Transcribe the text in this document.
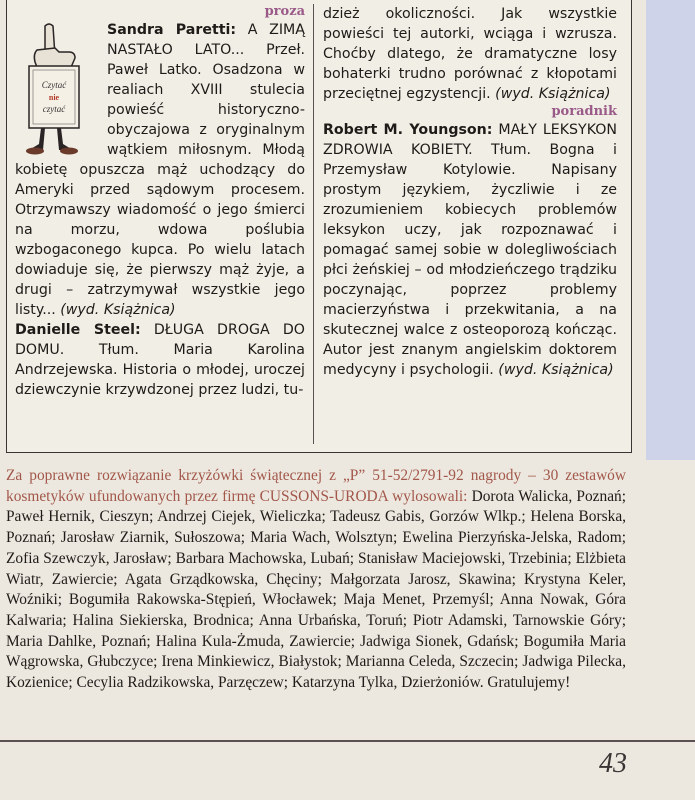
proza
Czytać
nie
czytać

Sandra Paretti: A ZIMĄ NASTAŁO LATO... Przeł. Paweł Latko. Osadzona w realiach XVIII stulecia powieść historyczno-obyczajowa z oryginalnym wątkiem miłosnym. Młodą kobietę opuszcza mąż uchodzący do Ameryki przed sądowym procesem. Otrzymawszy wiadomość o jego śmierci na morzu, wdowa poślubia wzbogaconego kupca. Po wielu latach dowiaduje się, że pierwszy mąż żyje, a drugi – zatrzymywał wszystkie jego listy... (wyd. Książnica)

Danielle Steel: DŁUGA DROGA DO DOMU. Tłum. Maria Karolina Andrzejewska. Historia o młodej, uroczej dziewczynie krzywdzonej przez ludzi, tu-

dzież okoliczności. Jak wszystkie powieści tej autorki, wciąga i wzrusza. Choćby dlatego, że dramatyczne losy bohaterki trudno porównać z kłopotami przeciętnej egzystencji. (wyd. Książnica)

poradnik

Robert M. Youngson: MAŁY LEKSYKON ZDROWIA KOBIETY. Tłum. Bogna i Przemysław Kotylowie. Napisany prostym językiem, życzliwie i ze zrozumieniem kobiecych problemów leksykon uczy, jak rozpoznawać i pomagać samej sobie w dolegliwościach płci żeńskiej – od młodzieńczego trądziku poczynając, poprzez problemy macierzyństwa i przekwitania, a na skutecznej walce z osteoporozą kończąc. Autor jest znanym angielskim doktorem medycyny i psychologii. (wyd. Książnica)

Za poprawne rozwiązanie krzyżówki świątecznej z „P” 51-52/2791-92 nagrody – 30 zestawów kosmetyków ufundowanych przez firmę CUSSONS-URODA wylosowali: Dorota Walicka, Poznań; Paweł Hernik, Cieszyn; Andrzej Ciejek, Wieliczka; Tadeusz Gabis, Gorzów Wlkp.; Helena Borska, Poznań; Jarosław Ziarnik, Sułoszowa; Maria Wach, Wolsztyn; Ewelina Pierzyńska-Jelska, Radom; Zofia Szewczyk, Jarosław; Barbara Machowska, Lubań; Stanisław Maciejowski, Trzebinia; Elżbieta Wiatr, Zawiercie; Agata Grządkowska, Chęciny; Małgorzata Jarosz, Skawina; Krystyna Keler, Woźniki; Bogumiła Rakowska-Stępień, Włocławek; Maja Menet, Przemyśl; Anna Nowak, Góra Kalwaria; Halina Siekierska, Brodnica; Anna Urbańska, Toruń; Piotr Adamski, Tarnowskie Góry; Maria Dahlke, Poznań; Halina Kula-Żmuda, Zawiercie; Jadwiga Sionek, Gdańsk; Bogumiła Maria Wągrowska, Głubczyce; Irena Minkiewicz, Białystok; Marianna Celeda, Szczecin; Jadwiga Pilecka, Kozienice; Cecylia Radzikowska, Parzęczew; Katarzyna Tylka, Dzierżoniów. Gratulujemy!
43
